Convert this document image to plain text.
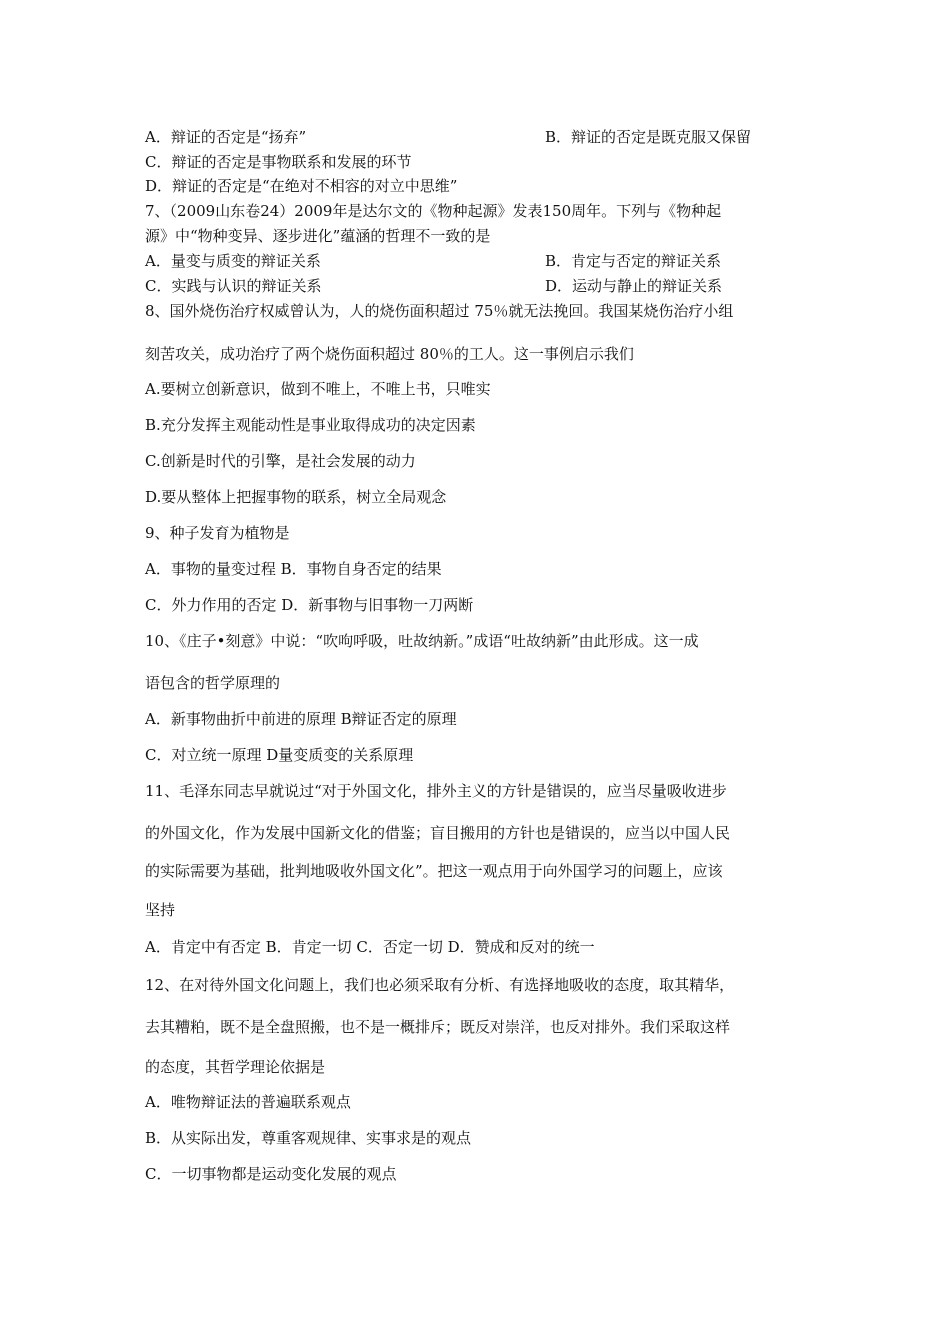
A．辩证的否定是“扬弃”	B．辩证的否定是既克服又保留
C．辩证的否定是事物联系和发展的环节
D．辩证的否定是“在绝对不相容的对立中思维”
7、（2009山东卷24）2009年是达尔文的《物种起源》发表150周年。下列与《物种起
源》中“物种变异、逐步进化”蕴涵的哲理不一致的是
A．量变与质变的辩证关系	B．肯定与否定的辩证关系
C．实践与认识的辩证关系	D．运动与静止的辩证关系
8、国外烧伤治疗权威曾认为，人的烧伤面积超过 75％就无法挽回。我国某烧伤治疗小组
刻苦攻关，成功治疗了两个烧伤面积超过 80％的工人。这一事例启示我们
A.要树立创新意识，做到不唯上，不唯上书，只唯实
B.充分发挥主观能动性是事业取得成功的决定因素
C.创新是时代的引擎，是社会发展的动力
D.要从整体上把握事物的联系，树立全局观念
9、种子发育为植物是
A．事物的量变过程 B．事物自身否定的结果
C．外力作用的否定 D．新事物与旧事物一刀两断
10、《庄子•刻意》中说：“吹呴呼吸，吐故纳新。”成语“吐故纳新”由此形成。这一成
语包含的哲学原理的
A．新事物曲折中前进的原理 B辩证否定的原理
C．对立统一原理 D量变质变的关系原理
11、毛泽东同志早就说过“对于外国文化，排外主义的方针是错误的，应当尽量吸收进步
的外国文化，作为发展中国新文化的借鉴；盲目搬用的方针也是错误的，应当以中国人民
的实际需要为基础，批判地吸收外国文化”。把这一观点用于向外国学习的问题上，应该
坚持
A．肯定中有否定 B．肯定一切 C．否定一切 D．赞成和反对的统一
12、在对待外国文化问题上，我们也必须采取有分析、有选择地吸收的态度，取其精华，
去其糟粕，既不是全盘照搬，也不是一概排斥；既反对崇洋，也反对排外。我们采取这样
的态度，其哲学理论依据是
A．唯物辩证法的普遍联系观点
B．从实际出发，尊重客观规律、实事求是的观点
C．一切事物都是运动变化发展的观点
